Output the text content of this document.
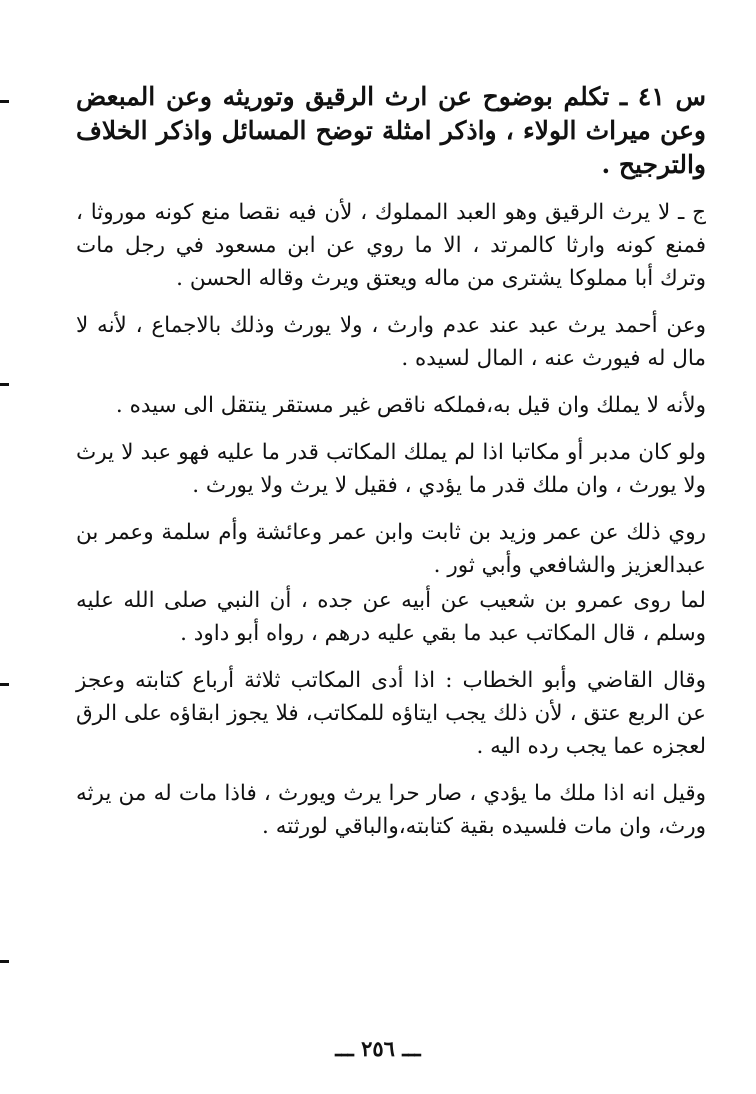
س ٤١ ـ تكلم بوضوح عن ارث الرقيق وتوريثه وعن المبعض وعن ميراث الولاء ، واذكر امثلة توضح المسائل واذكر الخلاف والترجيح .

ج ـ لا يرث الرقيق وهو العبد المملوك ، لأن فيه نقصا منع كونه موروثا ، فمنع كونه وارثا كالمرتد ، الا ما روي عن ابن مسعود في رجل مات وترك أبا مملوكا يشترى من ماله ويعتق ويرث وقاله الحسن .

وعن أحمد يرث عبد عند عدم وارث ، ولا يورث وذلك بالاجماع ، لأنه لا مال له فيورث عنه ، المال لسيده .

ولأنه لا يملك وان قيل به،فملكه ناقص غير مستقر ينتقل الى سيده .

ولو كان مدبر أو مكاتبا اذا لم يملك المكاتب قدر ما عليه فهو عبد لا يرث ولا يورث ، وان ملك قدر ما يؤدي ، فقيل لا يرث ولا يورث .

روي ذلك عن عمر وزيد بن ثابت وابن عمر وعائشة وأم سلمة وعمر بن عبدالعزيز والشافعي وأبي ثور .

لما روى عمرو بن شعيب عن أبيه عن جده ، أن النبي صلى الله عليه وسلم ، قال المكاتب عبد ما بقي عليه درهم ، رواه أبو داود .

وقال القاضي وأبو الخطاب : اذا أدى المكاتب ثلاثة أرباع كتابته وعجز عن الربع عتق ، لأن ذلك يجب ايتاؤه للمكاتب، فلا يجوز ابقاؤه على الرق لعجزه عما يجب رده اليه .

وقيل انه اذا ملك ما يؤدي ، صار حرا يرث ويورث ، فاذا مات له من يرثه ورث، وان مات فلسيده بقية كتابته،والباقي لورثته .

ـــ ٢٥٦ ـــ
